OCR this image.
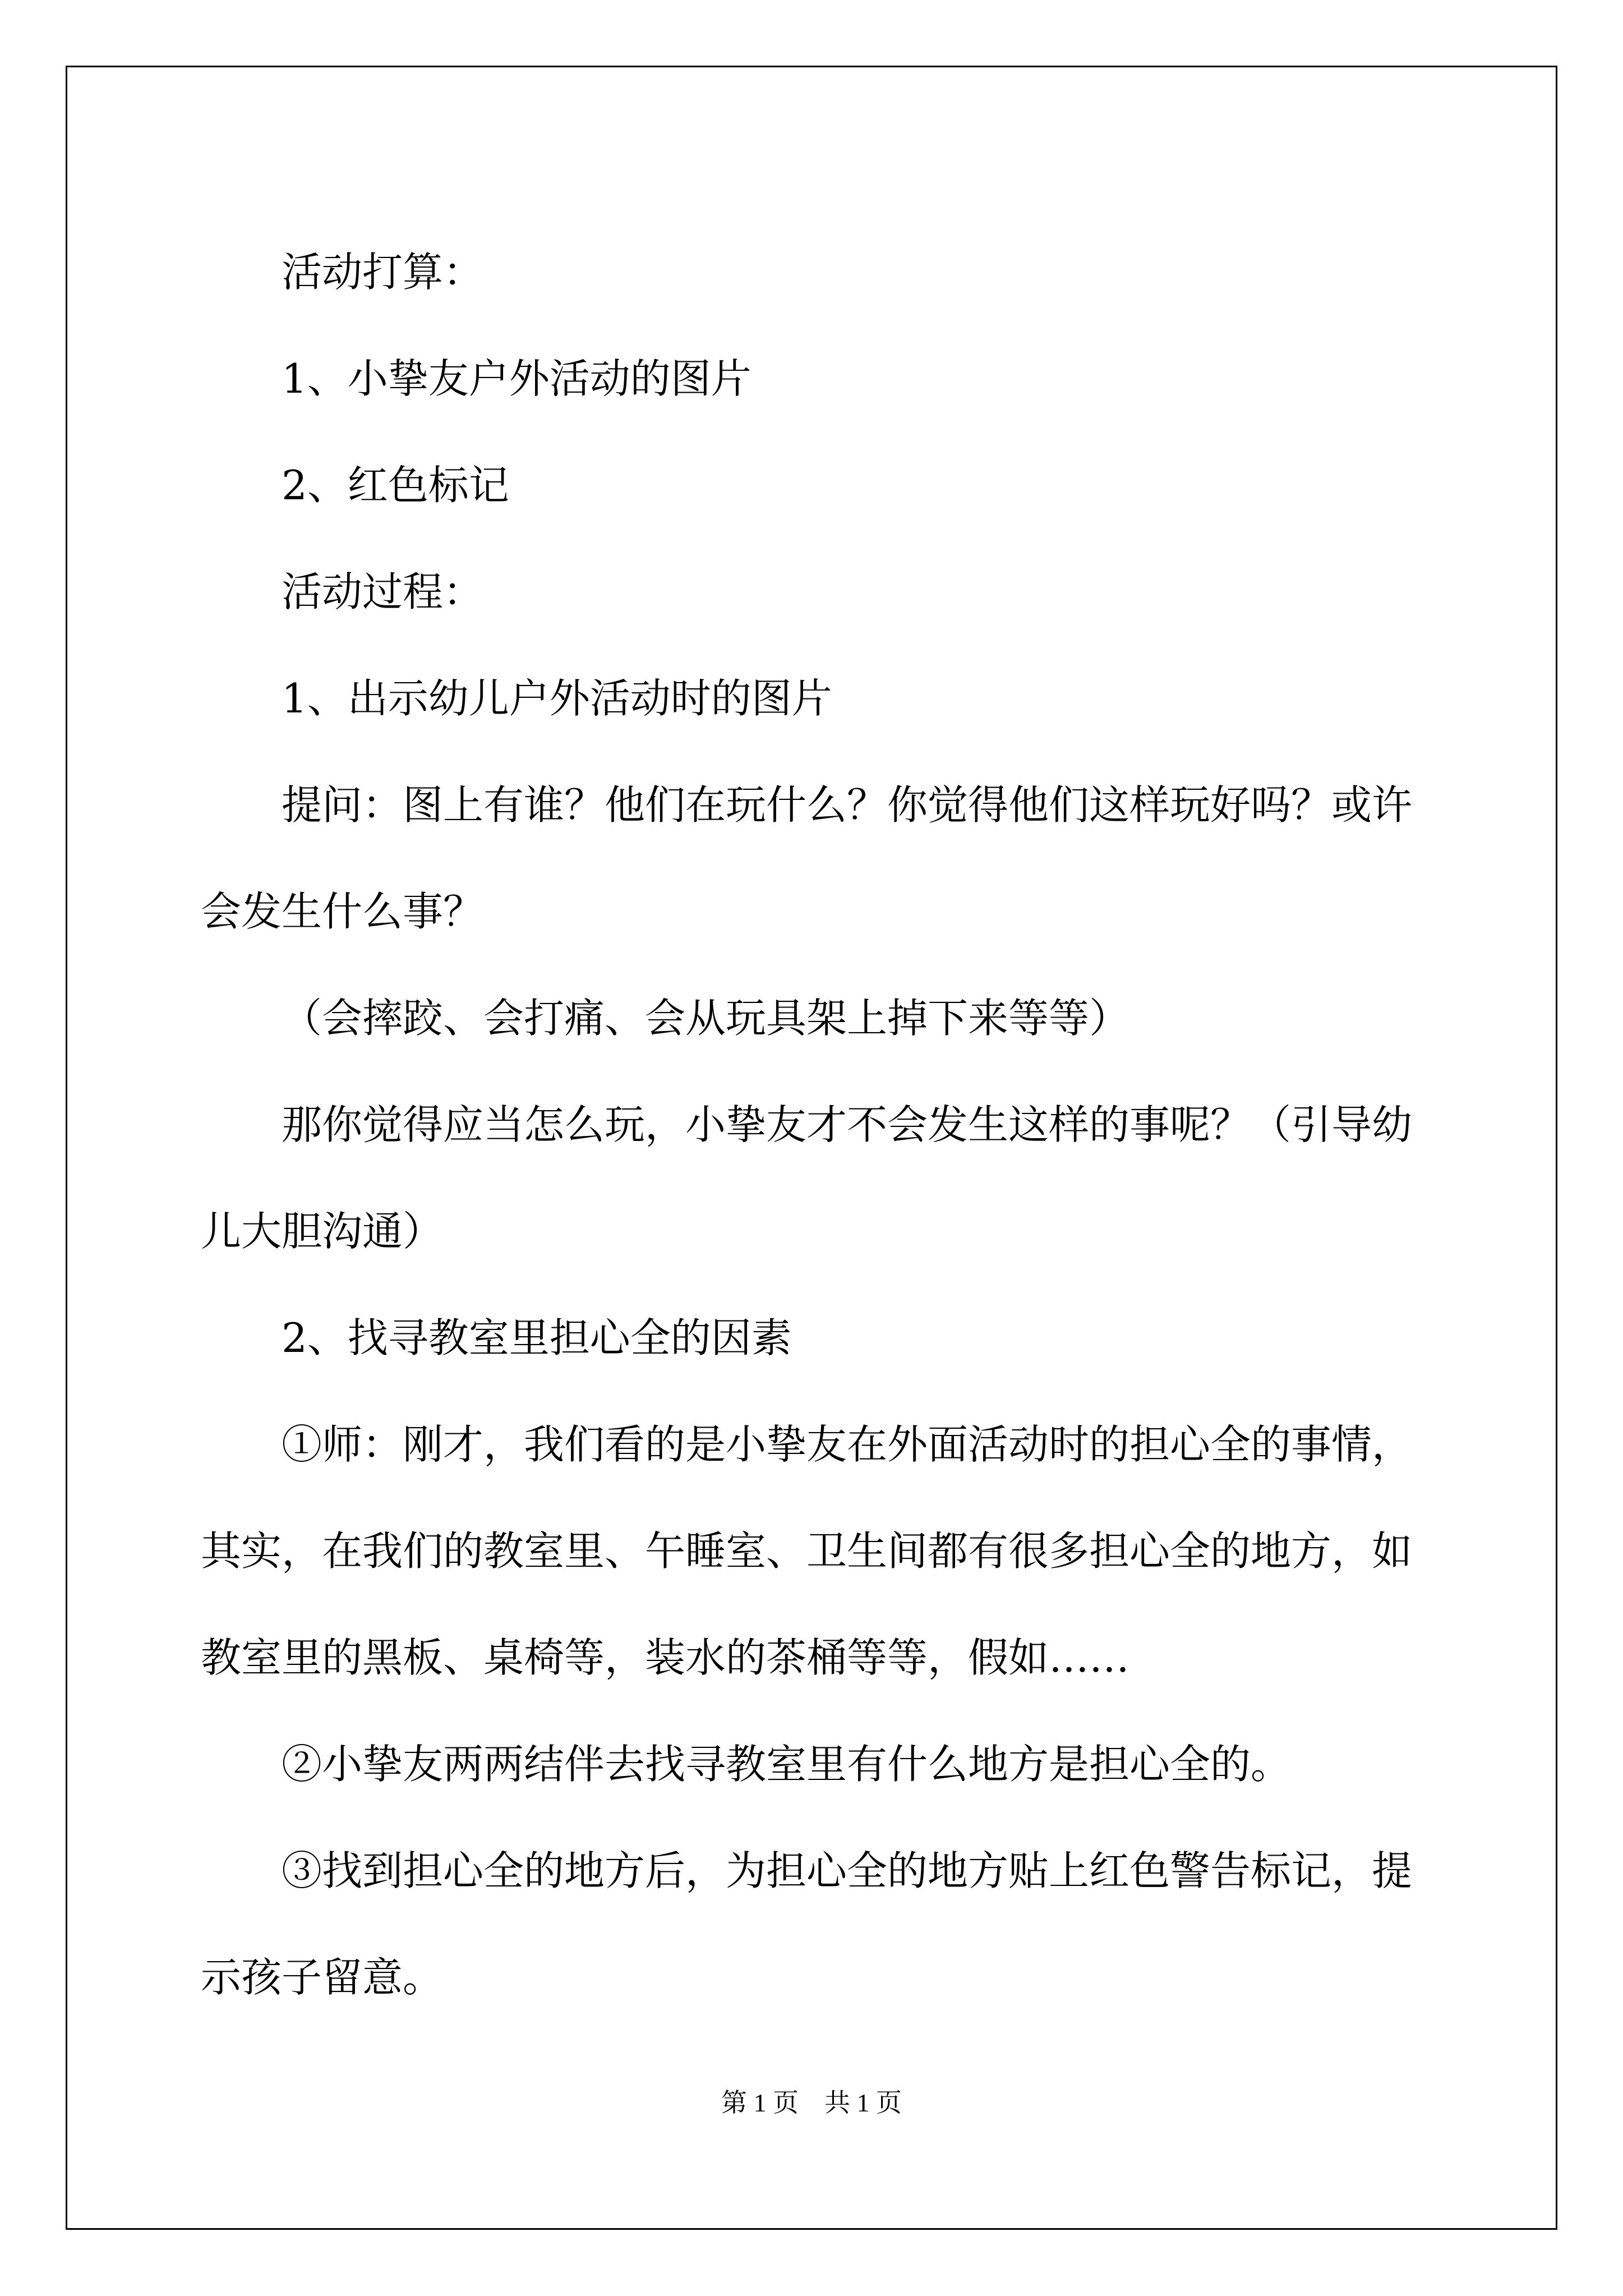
活动打算：

1、小挚友户外活动的图片

2、红色标记

活动过程：

1、出示幼儿户外活动时的图片

提问：图上有谁？他们在玩什么？你觉得他们这样玩好吗？或许

会发生什么事？

（会摔跤、会打痛、会从玩具架上掉下来等等）

那你觉得应当怎么玩，小挚友才不会发生这样的事呢？（引导幼

儿大胆沟通）

2、找寻教室里担心全的因素

①师：刚才，我们看的是小挚友在外面活动时的担心全的事情，

其实，在我们的教室里、午睡室、卫生间都有很多担心全的地方，如

教室里的黑板、桌椅等，装水的茶桶等等，假如……

②小挚友两两结伴去找寻教室里有什么地方是担心全的。

③找到担心全的地方后，为担心全的地方贴上红色警告标记，提

示孩子留意。

第 1 页　共 1 页
